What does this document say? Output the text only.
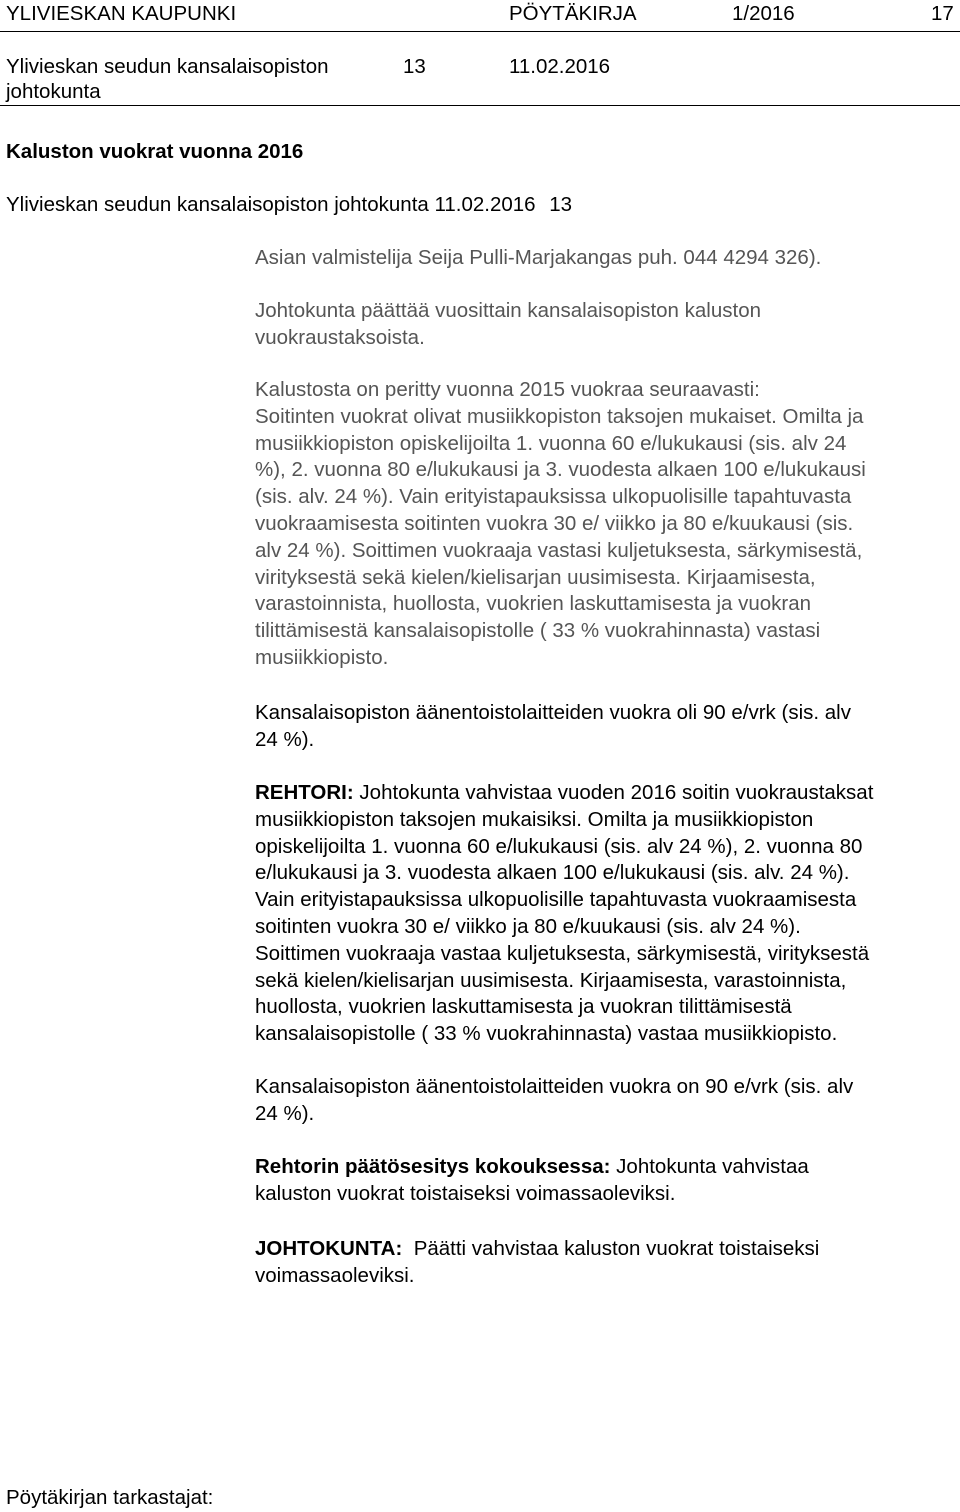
YLIVIESKAN KAUPUNKI	PÖYTÄKIRJA	1/2016	17
Ylivieskan seudun kansalaisopiston	13	11.02.2016
johtokunta
Kaluston vuokrat vuonna 2016
Ylivieskan seudun kansalaisopiston johtokunta 11.02.2016 13
Asian valmistelija Seija Pulli-Marjakangas puh. 044 4294 326).
Johtokunta päättää vuosittain kansalaisopiston kaluston
vuokraustaksoista.
Kalustosta on peritty vuonna 2015 vuokraa seuraavasti:
Soitinten vuokrat olivat musiikkopiston taksojen mukaiset. Omilta ja
musiikkiopiston opiskelijoilta 1. vuonna 60 e/lukukausi (sis. alv 24
%), 2. vuonna 80 e/lukukausi ja 3. vuodesta alkaen 100 e/lukukausi
(sis. alv. 24 %). Vain erityistapauksissa ulkopuolisille tapahtuvasta
vuokraamisesta soitinten vuokra 30 e/ viikko ja 80 e/kuukausi (sis.
alv 24 %). Soittimen vuokraaja vastasi kuljetuksesta, särkymisestä,
virityksestä sekä kielen/kielisarjan uusimisesta. Kirjaamisesta,
varastoinnista, huollosta, vuokrien laskuttamisesta ja vuokran
tilittämisestä kansalaisopistolle ( 33 % vuokrahinnasta) vastasi
musiikkiopisto.
Kansalaisopiston äänentoistolaitteiden vuokra oli 90 e/vrk (sis. alv
24 %).
REHTORI: Johtokunta vahvistaa vuoden 2016 soitin vuokraustaksat
musiikkiopiston taksojen mukaisiksi. Omilta ja musiikkiopiston
opiskelijoilta 1. vuonna 60 e/lukukausi (sis. alv 24 %), 2. vuonna 80
e/lukukausi ja 3. vuodesta alkaen 100 e/lukukausi (sis. alv. 24 %).
Vain erityistapauksissa ulkopuolisille tapahtuvasta vuokraamisesta
soitinten vuokra 30 e/ viikko ja 80 e/kuukausi (sis. alv 24 %).
Soittimen vuokraaja vastaa kuljetuksesta, särkymisestä, virityksestä
sekä kielen/kielisarjan uusimisesta. Kirjaamisesta, varastoinnista,
huollosta, vuokrien laskuttamisesta ja vuokran tilittämisestä
kansalaisopistolle ( 33 % vuokrahinnasta) vastaa musiikkiopisto.
Kansalaisopiston äänentoistolaitteiden vuokra on 90 e/vrk (sis. alv
24 %).
Rehtorin päätösesitys kokouksessa: Johtokunta vahvistaa
kaluston vuokrat toistaiseksi voimassaoleviksi.
JOHTOKUNTA:  Päätti vahvistaa kaluston vuokrat toistaiseksi
voimassaoleviksi.
Pöytäkirjan tarkastajat:
